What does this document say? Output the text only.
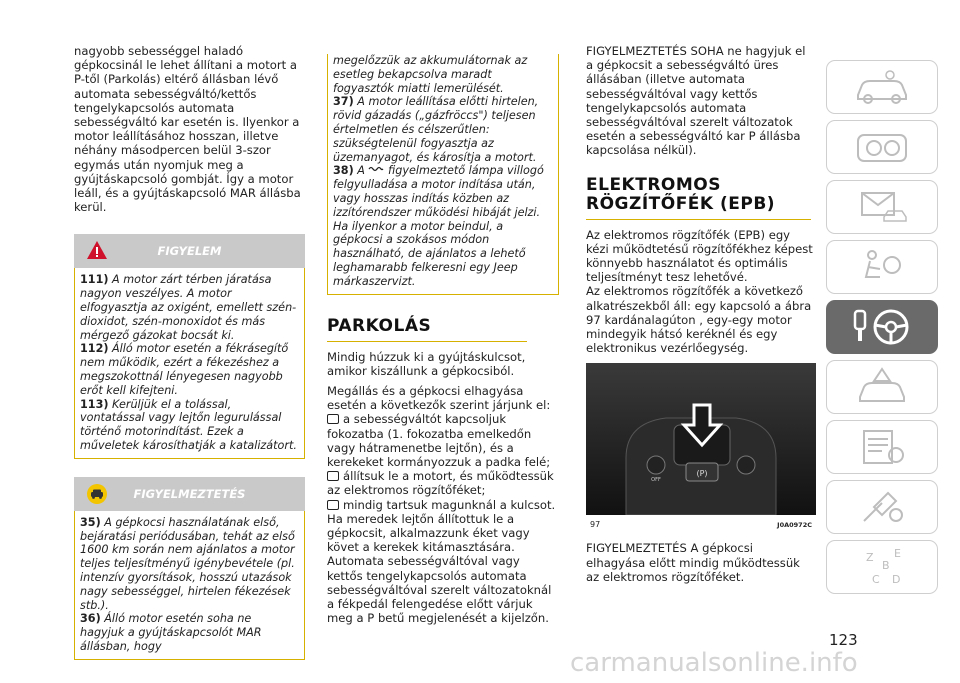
nagyobb sebességgel haladó gépkocsinál le lehet állítani a motort a P-től (Parkolás) eltérő állásban lévő automata sebességváltó/kettős tengelykapcsolós automata sebességváltó kar esetén is. Ilyenkor a motor leállításához hosszan, illetve néhány másodpercen belül 3-szor egymás után nyomjuk meg a gyújtáskapcsoló gombját. Így a motor leáll, és a gyújtáskapcsoló MAR állásba kerül.

FIGYELEM

111) A motor zárt térben járatása nagyon veszélyes. A motor elfogyasztja az oxigént, emellett szén-dioxidot, szén-monoxidot és más mérgező gázokat bocsát ki.

112) Álló motor esetén a fékrásegítő nem működik, ezért a fékezéshez a megszokottnál lényegesen nagyobb erőt kell kifejteni.

113) Kerüljük el a tolással, vontatással vagy lejtőn legurulással történő motorindítást. Ezek a műveletek károsíthatják a katalizátort.

FIGYELMEZTETÉS

35) A gépkocsi használatának első, bejáratási periódusában, tehát az első 1600 km során nem ajánlatos a motor teljes teljesítményű igénybevétele (pl. intenzív gyorsítások, hosszú utazások nagy sebességgel, hirtelen fékezések stb.).

36) Álló motor esetén soha ne hagyjuk a gyújtáskapcsolót MAR állásban, hogy

megelőzzük az akkumulátornak az esetleg bekapcsolva maradt fogyasztók miatti lemerülését.

37) A motor leállítása előtti hirtelen, rövid gázadás („gázfröccs") teljesen értelmetlen és célszerűtlen: szükségtelenül fogyasztja az üzemanyagot, és károsítja a motort.

38) A figyelmeztető lámpa villogó felgyulladása a motor indítása után, vagy hosszas indítás közben az izzítórendszer működési hibáját jelzi. Ha ilyenkor a motor beindul, a gépkocsi a szokásos módon használható, de ajánlatos a lehető leghamarabb felkeresni egy Jeep márkaszervizt.

PARKOLÁS

Mindig húzzuk ki a gyújtáskulcsot, amikor kiszállunk a gépkocsiból.

Megállás és a gépkocsi elhagyása esetén a következők szerint járjunk el:

a sebességváltót kapcsoljuk fokozatba (1. fokozatba emelkedőn vagy hátramenetbe lejtőn), és a kerekeket kormányozzuk a padka felé;

állítsuk le a motort, és működtessük az elektromos rögzítőféket;

mindig tartsuk magunknál a kulcsot.

Ha meredek lejtőn állítottuk le a gépkocsit, alkalmazzunk éket vagy követ a kerekek kitámasztására.

Automata sebességváltóval vagy kettős tengelykapcsolós automata sebességváltóval szerelt változatoknál a fékpedál felengedése előtt várjuk meg a P betű megjelenését a kijelzőn.

FIGYELMEZTETÉS SOHA ne hagyjuk el a gépkocsit a sebességváltó üres állásában (illetve automata sebességváltóval vagy kettős tengelykapcsolós automata sebességváltóval szerelt változatok esetén a sebességváltó kar P állásba kapcsolása nélkül).

ELEKTROMOS
RÖGZÍTŐFÉK (EPB)

Az elektromos rögzítőfék (EPB) egy kézi működtetésű rögzítőfékhez képest könnyebb használatot és optimális teljesítményt tesz lehetővé.

Az elektromos rögzítőfék a következő alkatrészekből áll: egy kapcsoló a ábra 97 kardánalagúton , egy-egy motor mindegyik hátsó keréknél és egy elektronikus vezérlőegység.

(P)
OFF
97	J0A0972C

FIGYELMEZTETÉS A gépkocsi elhagyása előtt mindig működtessük az elektromos rögzítőféket.

Z E
B
C D
123
carmanualsonline.info
